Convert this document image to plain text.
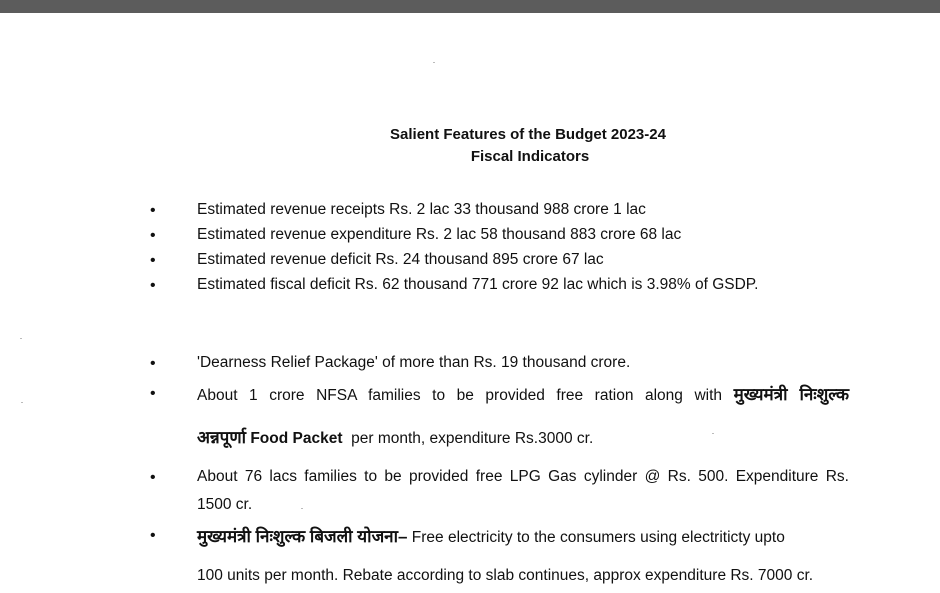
Salient Features of the Budget 2023-24

Fiscal Indicators

•	Estimated revenue receipts Rs. 2 lac 33 thousand 988 crore 1 lac
•	Estimated revenue expenditure Rs. 2 lac 58 thousand 883 crore 68 lac
•	Estimated revenue deficit Rs. 24 thousand 895 crore 67 lac
•	Estimated fiscal deficit Rs. 62 thousand 771 crore 92 lac which is 3.98% of GSDP.
•	'Dearness Relief Package' of more than Rs. 19 thousand crore.
•	About 1 crore NFSA families to be provided free ration along with मुख्यमंत्री निःशुल्क
अन्नपूर्णा Food Packet per month, expenditure Rs.3000 cr.
•	About 76 lacs families to be provided free LPG Gas cylinder @ Rs. 500. Expenditure Rs.
1500 cr.
• मुख्यमंत्री निःशुल्क बिजली योजना– Free electricity to the consumers using electriticty upto
100 units per month. Rebate according to slab continues, approx expenditure Rs. 7000 cr.
